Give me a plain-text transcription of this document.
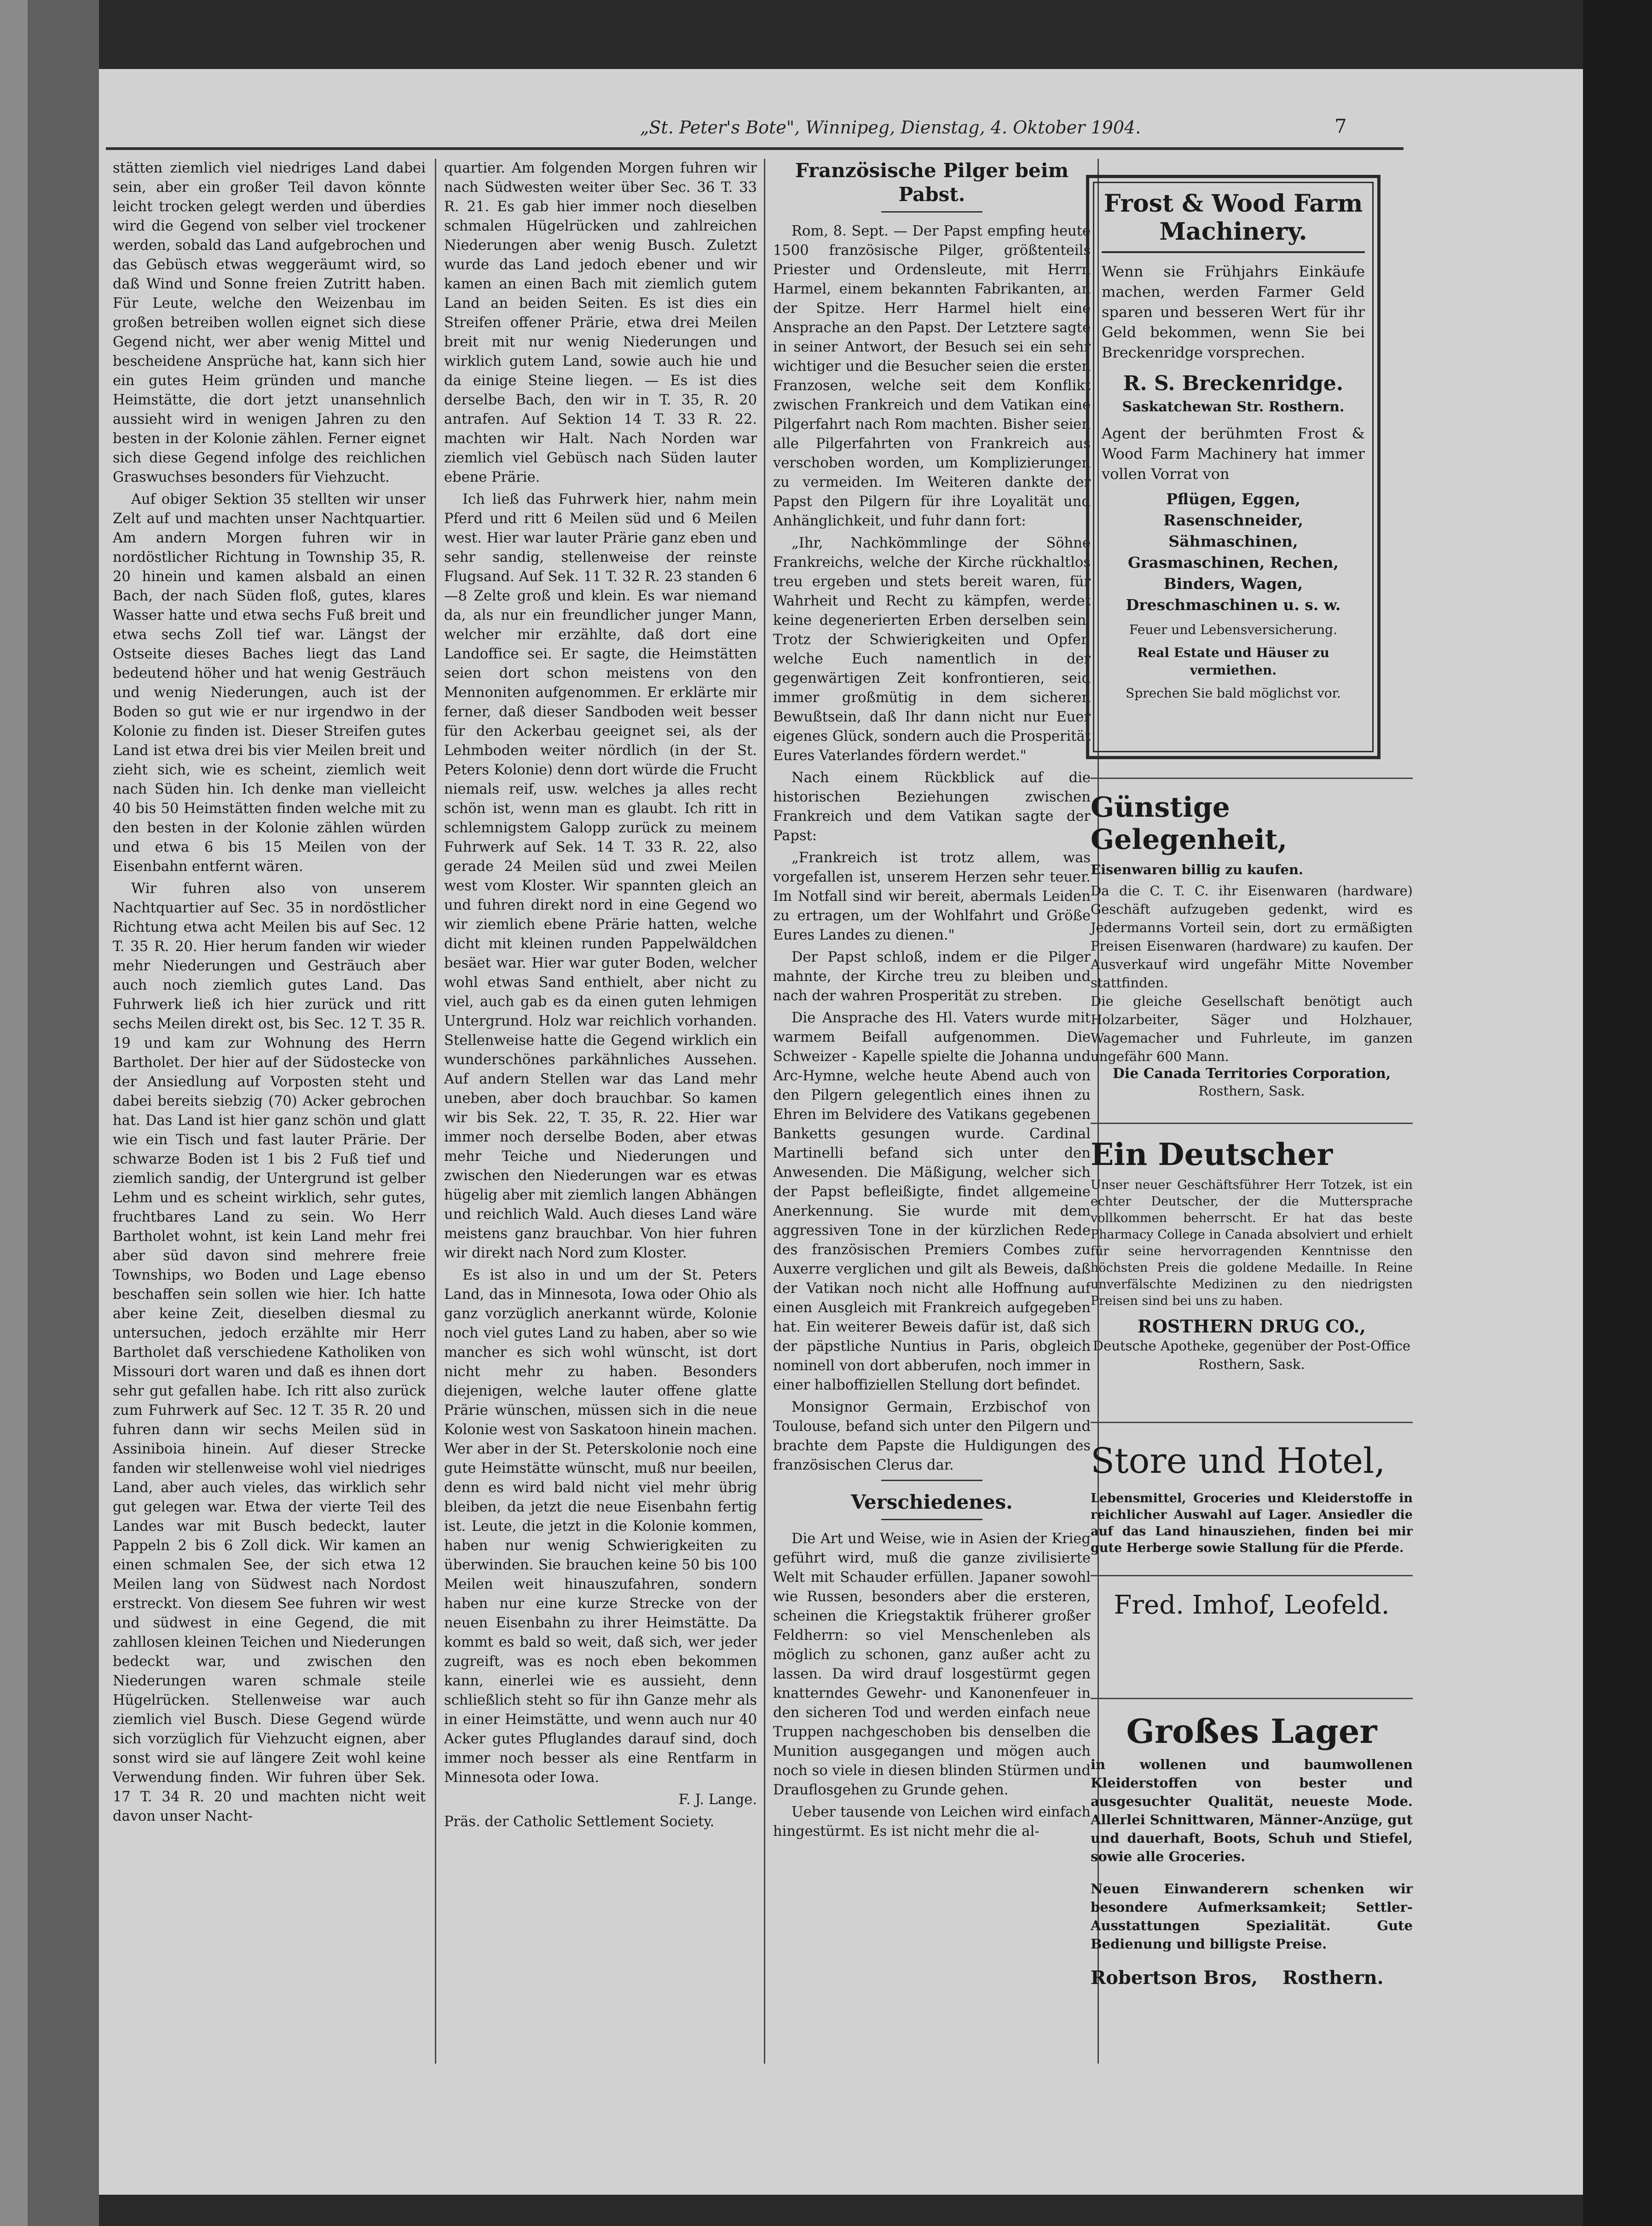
„St. Peter's Bote", Winnipeg, Dienstag, 4. Oktober 1904.	7

stätten ziemlich viel niedriges Land dabei sein, aber ein großer Teil davon könnte leicht trocken gelegt werden und überdies wird die Gegend von selber viel trockener werden, sobald das Land aufgebrochen und das Gebüsch etwas weggeräumt wird, so daß Wind und Sonne freien Zutritt haben. Für Leute, welche den Weizenbau im großen betreiben wollen eignet sich diese Gegend nicht, wer aber wenig Mittel und bescheidene Ansprüche hat, kann sich hier ein gutes Heim gründen und manche Heimstätte, die dort jetzt unansehnlich aussieht wird in wenigen Jahren zu den besten in der Kolonie zählen. Ferner eignet sich diese Gegend infolge des reichlichen Graswuchses besonders für Viehzucht.

Auf obiger Sektion 35 stellten wir unser Zelt auf und machten unser Nachtquartier. Am andern Morgen fuhren wir in nordöstlicher Richtung in Township 35, R. 20 hinein und kamen alsbald an einen Bach, der nach Süden floß, gutes, klares Wasser hatte und etwa sechs Fuß breit und etwa sechs Zoll tief war. Längst der Ostseite dieses Baches liegt das Land bedeutend höher und hat wenig Gesträuch und wenig Niederungen, auch ist der Boden so gut wie er nur irgendwo in der Kolonie zu finden ist. Dieser Streifen gutes Land ist etwa drei bis vier Meilen breit und zieht sich, wie es scheint, ziemlich weit nach Süden hin. Ich denke man vielleicht 40 bis 50 Heimstätten finden welche mit zu den besten in der Kolonie zählen würden und etwa 6 bis 15 Meilen von der Eisenbahn entfernt wären.

Wir fuhren also von unserem Nachtquartier auf Sec. 35 in nordöstlicher Richtung etwa acht Meilen bis auf Sec. 12 T. 35 R. 20. Hier herum fanden wir wieder mehr Niederungen und Gesträuch aber auch noch ziemlich gutes Land. Das Fuhrwerk ließ ich hier zurück und ritt sechs Meilen direkt ost, bis Sec. 12 T. 35 R. 19 und kam zur Wohnung des Herrn Bartholet. Der hier auf der Südostecke von der Ansiedlung auf Vorposten steht und dabei bereits siebzig (70) Acker gebrochen hat. Das Land ist hier ganz schön und glatt wie ein Tisch und fast lauter Prärie. Der schwarze Boden ist 1 bis 2 Fuß tief und ziemlich sandig, der Untergrund ist gelber Lehm und es scheint wirklich, sehr gutes, fruchtbares Land zu sein. Wo Herr Bartholet wohnt, ist kein Land mehr frei aber süd davon sind mehrere freie Townships, wo Boden und Lage ebenso beschaffen sein sollen wie hier. Ich hatte aber keine Zeit, dieselben diesmal zu untersuchen, jedoch erzählte mir Herr Bartholet daß verschiedene Katholiken von Missouri dort waren und daß es ihnen dort sehr gut gefallen habe. Ich ritt also zurück zum Fuhrwerk auf Sec. 12 T. 35 R. 20 und fuhren dann wir sechs Meilen süd in Assiniboia hinein. Auf dieser Strecke fanden wir stellenweise wohl viel niedriges Land, aber auch vieles, das wirklich sehr gut gelegen war. Etwa der vierte Teil des Landes war mit Busch bedeckt, lauter Pappeln 2 bis 6 Zoll dick. Wir kamen an einen schmalen See, der sich etwa 12 Meilen lang von Südwest nach Nordost erstreckt. Von diesem See fuhren wir west und südwest in eine Gegend, die mit zahllosen kleinen Teichen und Niederungen bedeckt war, und zwischen den Niederungen waren schmale steile Hügelrücken. Stellenweise war auch ziemlich viel Busch. Diese Gegend würde sich vorzüglich für Viehzucht eignen, aber sonst wird sie auf längere Zeit wohl keine Verwendung finden. Wir fuhren über Sek. 17 T. 34 R. 20 und machten nicht weit davon unser Nacht-

quartier. Am folgenden Morgen fuhren wir nach Südwesten weiter über Sec. 36 T. 33 R. 21. Es gab hier immer noch dieselben schmalen Hügelrücken und zahlreichen Niederungen aber wenig Busch. Zuletzt wurde das Land jedoch ebener und wir kamen an einen Bach mit ziemlich gutem Land an beiden Seiten. Es ist dies ein Streifen offener Prärie, etwa drei Meilen breit mit nur wenig Niederungen und wirklich gutem Land, sowie auch hie und da einige Steine liegen. — Es ist dies derselbe Bach, den wir in T. 35, R. 20 antrafen. Auf Sektion 14 T. 33 R. 22. machten wir Halt. Nach Norden war ziemlich viel Gebüsch nach Süden lauter ebene Prärie.

Ich ließ das Fuhrwerk hier, nahm mein Pferd und ritt 6 Meilen süd und 6 Meilen west. Hier war lauter Prärie ganz eben und sehr sandig, stellenweise der reinste Flugsand. Auf Sek. 11 T. 32 R. 23 standen 6—8 Zelte groß und klein. Es war niemand da, als nur ein freundlicher junger Mann, welcher mir erzählte, daß dort eine Landoffice sei. Er sagte, die Heimstätten seien dort schon meistens von den Mennoniten aufgenommen. Er erklärte mir ferner, daß dieser Sandboden weit besser für den Ackerbau geeignet sei, als der Lehmboden weiter nördlich (in der St. Peters Kolonie) denn dort würde die Frucht niemals reif, usw. welches ja alles recht schön ist, wenn man es glaubt. Ich ritt in schlemnigstem Galopp zurück zu meinem Fuhrwerk auf Sek. 14 T. 33 R. 22, also gerade 24 Meilen süd und zwei Meilen west vom Kloster. Wir spannten gleich an und fuhren direkt nord in eine Gegend wo wir ziemlich ebene Prärie hatten, welche dicht mit kleinen runden Pappelwäldchen besäet war. Hier war guter Boden, welcher wohl etwas Sand enthielt, aber nicht zu viel, auch gab es da einen guten lehmigen Untergrund. Holz war reichlich vorhanden. Stellenweise hatte die Gegend wirklich ein wunderschönes parkähnliches Aussehen. Auf andern Stellen war das Land mehr uneben, aber doch brauchbar. So kamen wir bis Sek. 22, T. 35, R. 22. Hier war immer noch derselbe Boden, aber etwas mehr Teiche und Niederungen und zwischen den Niederungen war es etwas hügelig aber mit ziemlich langen Abhängen und reichlich Wald. Auch dieses Land wäre meistens ganz brauchbar. Von hier fuhren wir direkt nach Nord zum Kloster.

Es ist also in und um der St. Peters Land, das in Minnesota, Iowa oder Ohio als ganz vorzüglich anerkannt würde, Kolonie noch viel gutes Land zu haben, aber so wie mancher es sich wohl wünscht, ist dort nicht mehr zu haben. Besonders diejenigen, welche lauter offene glatte Prärie wünschen, müssen sich in die neue Kolonie west von Saskatoon hinein machen. Wer aber in der St. Peterskolonie noch eine gute Heimstätte wünscht, muß nur beeilen, denn es wird bald nicht viel mehr übrig bleiben, da jetzt die neue Eisenbahn fertig ist. Leute, die jetzt in die Kolonie kommen, haben nur wenig Schwierigkeiten zu überwinden. Sie brauchen keine 50 bis 100 Meilen weit hinauszufahren, sondern haben nur eine kurze Strecke von der neuen Eisenbahn zu ihrer Heimstätte. Da kommt es bald so weit, daß sich, wer jeder zugreift, was es noch eben bekommen kann, einerlei wie es aussieht, denn schließlich steht so für ihn Ganze mehr als in einer Heimstätte, und wenn auch nur 40 Acker gutes Pfluglandes darauf sind, doch immer noch besser als eine Rentfarm in Minnesota oder Iowa.

F. J. Lange.

Präs. der Catholic Settlement Society.

Französische Pilger beim Pabst.

Rom, 8. Sept. — Der Papst empfing heute 1500 französische Pilger, größtenteils Priester und Ordensleute, mit Herrn Harmel, einem bekannten Fabrikanten, an der Spitze. Herr Harmel hielt eine Ansprache an den Papst. Der Letztere sagte in seiner Antwort, der Besuch sei ein sehr wichtiger und die Besucher seien die ersten Franzosen, welche seit dem Konflikt zwischen Frankreich und dem Vatikan eine Pilgerfahrt nach Rom machten. Bisher seien alle Pilgerfahrten von Frankreich aus verschoben worden, um Komplizierungen zu vermeiden. Im Weiteren dankte der Papst den Pilgern für ihre Loyalität und Anhänglichkeit, und fuhr dann fort:

„Ihr, Nachkömmlinge der Söhne Frankreichs, welche der Kirche rückhaltlos treu ergeben und stets bereit waren, für Wahrheit und Recht zu kämpfen, werdet keine degenerierten Erben derselben sein. Trotz der Schwierigkeiten und Opfer, welche Euch namentlich in der gegenwärtigen Zeit konfrontieren, seid immer großmütig in dem sicheren Bewußtsein, daß Ihr dann nicht nur Euer eigenes Glück, sondern auch die Prosperität Eures Vaterlandes fördern werdet."

Nach einem Rückblick auf die historischen Beziehungen zwischen Frankreich und dem Vatikan sagte der Papst:

„Frankreich ist trotz allem, was vorgefallen ist, unserem Herzen sehr teuer. Im Notfall sind wir bereit, abermals Leiden zu ertragen, um der Wohlfahrt und Größe Eures Landes zu dienen."

Der Papst schloß, indem er die Pilger mahnte, der Kirche treu zu bleiben und nach der wahren Prosperität zu streben.

Die Ansprache des Hl. Vaters wurde mit warmem Beifall aufgenommen. Die Schweizer - Kapelle spielte die Johanna und Arc-Hymne, welche heute Abend auch von den Pilgern gelegentlich eines ihnen zu Ehren im Belvidere des Vatikans gegebenen Banketts gesungen wurde. Cardinal Martinelli befand sich unter den Anwesenden. Die Mäßigung, welcher sich der Papst befleißigte, findet allgemeine Anerkennung. Sie wurde mit dem aggressiven Tone in der kürzlichen Rede des französischen Premiers Combes zu Auxerre verglichen und gilt als Beweis, daß der Vatikan noch nicht alle Hoffnung auf einen Ausgleich mit Frankreich aufgegeben hat. Ein weiterer Beweis dafür ist, daß sich der päpstliche Nuntius in Paris, obgleich nominell von dort abberufen, noch immer in einer halboffiziellen Stellung dort befindet.

Monsignor Germain, Erzbischof von Toulouse, befand sich unter den Pilgern und brachte dem Papste die Huldigungen des französischen Clerus dar.

Verschiedenes.

Die Art und Weise, wie in Asien der Krieg geführt wird, muß die ganze zivilisierte Welt mit Schauder erfüllen. Japaner sowohl wie Russen, besonders aber die ersteren, scheinen die Kriegstaktik früherer großer Feldherrn: so viel Menschenleben als möglich zu schonen, ganz außer acht zu lassen. Da wird drauf losgestürmt gegen knatterndes Gewehr- und Kanonenfeuer in den sicheren Tod und werden einfach neue Truppen nachgeschoben bis denselben die Munition ausgegangen und mögen auch noch so viele in diesen blinden Stürmen und Drauflosgehen zu Grunde gehen.

Ueber tausende von Leichen wird einfach hingestürmt. Es ist nicht mehr die al-

Frost & Wood Farm Machinery.
Wenn sie Frühjahrs Einkäufe machen, werden Farmer Geld sparen und besseren Wert für ihr Geld bekommen, wenn Sie bei Breckenridge vorsprechen.
R. S. Breckenridge.
Saskatchewan Str. Rosthern.
Agent der berühmten Frost & Wood Farm Machinery hat immer vollen Vorrat von
Pflügen, Eggen, Rasenschneider, Sähmaschinen, Grasmaschinen, Rechen, Binders, Wagen, Dreschmaschinen u. s. w.
Feuer und Lebensversicherung.
Real Estate und Häuser zu vermiethen.
Sprechen Sie bald möglichst vor.
Günstige Gelegenheit,
Eisenwaren billig zu kaufen.
Da die C. T. C. ihr Eisenwaren (hardware) Geschäft aufzugeben gedenkt, wird es Jedermanns Vorteil sein, dort zu ermäßigten Preisen Eisenwaren (hardware) zu kaufen. Der Ausverkauf wird ungefähr Mitte November stattfinden.
Die gleiche Gesellschaft benötigt auch Holzarbeiter, Säger und Holzhauer, Wagemacher und Fuhrleute, im ganzen ungefähr 600 Mann.
Die Canada Territories Corporation,
Rosthern, Sask.
Ein Deutscher
Unser neuer Geschäftsführer Herr Totzek, ist ein echter Deutscher, der die Muttersprache vollkommen beherrscht. Er hat das beste Pharmacy College in Canada absolviert und erhielt für seine hervorragenden Kenntnisse den höchsten Preis die goldene Medaille. In Reine unverfälschte Medizinen zu den niedrigsten Preisen sind bei uns zu haben.
ROSTHERN DRUG CO.,
Deutsche Apotheke, gegenüber der Post-Office Rosthern, Sask.
Store und Hotel,
Lebensmittel, Groceries und Kleiderstoffe in reichlicher Auswahl auf Lager. Ansiedler die auf das Land hinausziehen, finden bei mir gute Herberge sowie Stallung für die Pferde.
Fred. Imhof, Leofeld.
Großes Lager
in wollenen und baumwollenen Kleiderstoffen von bester und ausgesuchter Qualität, neueste Mode. Allerlei Schnittwaren, Männer-Anzüge, gut und dauerhaft, Boots, Schuh und Stiefel, sowie alle Groceries.
Neuen Einwanderern schenken wir besondere Aufmerksamkeit; Settler-Ausstattungen Spezialität. Gute Bedienung und billigste Preise.
Robertson Bros, Rosthern.
